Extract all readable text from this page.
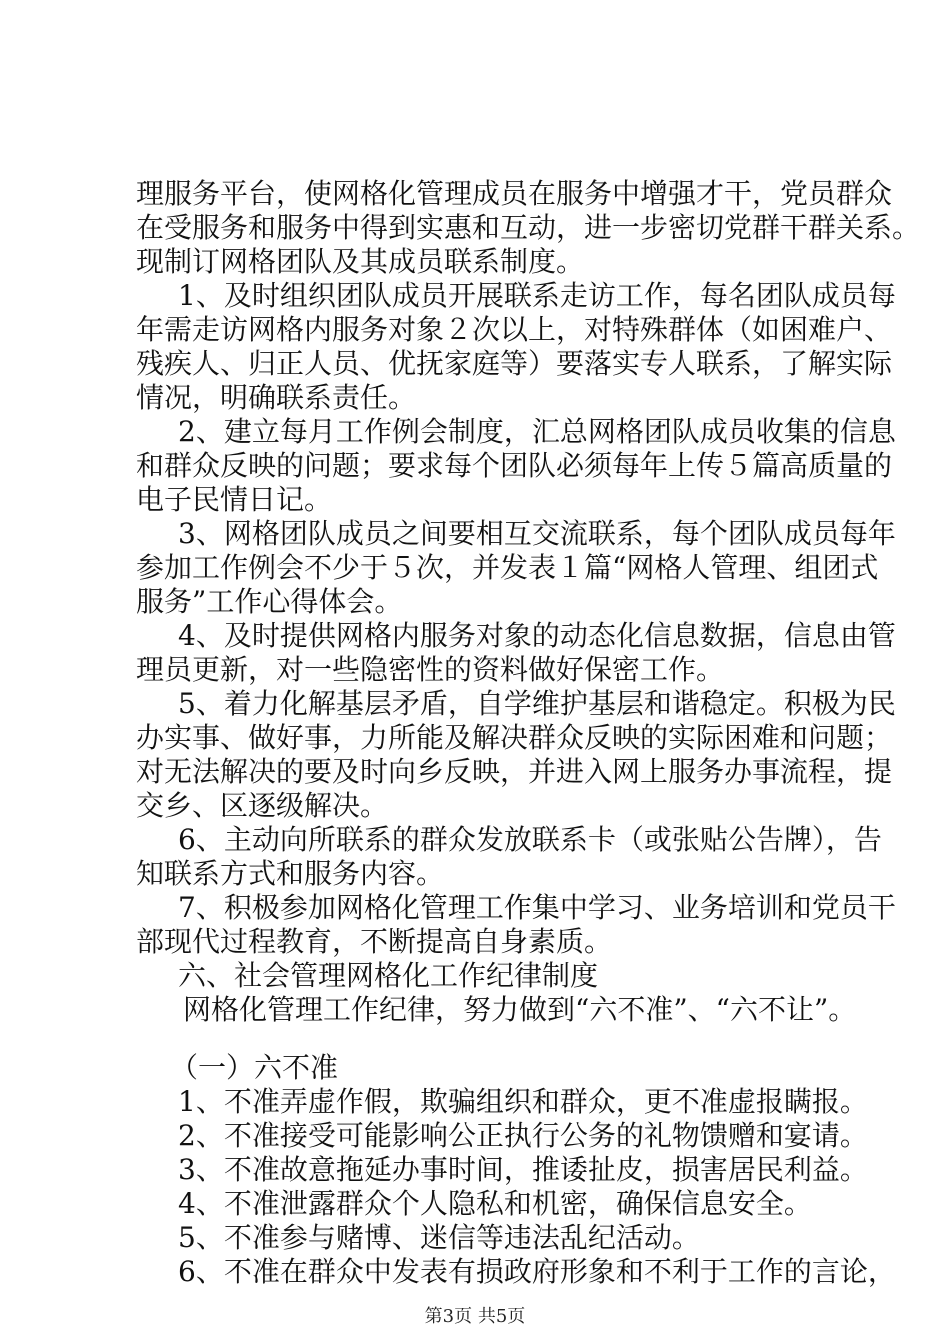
理服务平台，使网格化管理成员在服务中增强才干，党员群众
在受服务和服务中得到实惠和互动，进一步密切党群干群关系。
现制订网格团队及其成员联系制度。
1、及时组织团队成员开展联系走访工作，每名团队成员每
年需走访网格内服务对象２次以上，对特殊群体（如困难户、
残疾人、归正人员、优抚家庭等）要落实专人联系，了解实际
情况，明确联系责任。
2、建立每月工作例会制度，汇总网格团队成员收集的信息
和群众反映的问题；要求每个团队必须每年上传５篇高质量的
电子民情日记。
3、网格团队成员之间要相互交流联系，每个团队成员每年
参加工作例会不少于５次，并发表１篇“网格人管理、组团式
服务”工作心得体会。
4、及时提供网格内服务对象的动态化信息数据，信息由管
理员更新，对一些隐密性的资料做好保密工作。
5、着力化解基层矛盾，自学维护基层和谐稳定。积极为民
办实事、做好事，力所能及解决群众反映的实际困难和问题；
对无法解决的要及时向乡反映，并进入网上服务办事流程，提
交乡、区逐级解决。
6、主动向所联系的群众发放联系卡（或张贴公告牌），告
知联系方式和服务内容。
7、积极参加网格化管理工作集中学习、业务培训和党员干
部现代过程教育，不断提高自身素质。
六、社会管理网格化工作纪律制度
网格化管理工作纪律，努力做到“六不准”、“六不让”。
（一）六不准
1、不准弄虚作假，欺骗组织和群众，更不准虚报瞒报。
2、不准接受可能影响公正执行公务的礼物馈赠和宴请。
3、不准故意拖延办事时间，推诿扯皮，损害居民利益。
4、不准泄露群众个人隐私和机密，确保信息安全。
5、不准参与赌博、迷信等违法乱纪活动。
6、不准在群众中发表有损政府形象和不利于工作的言论，
第3页 共5页
